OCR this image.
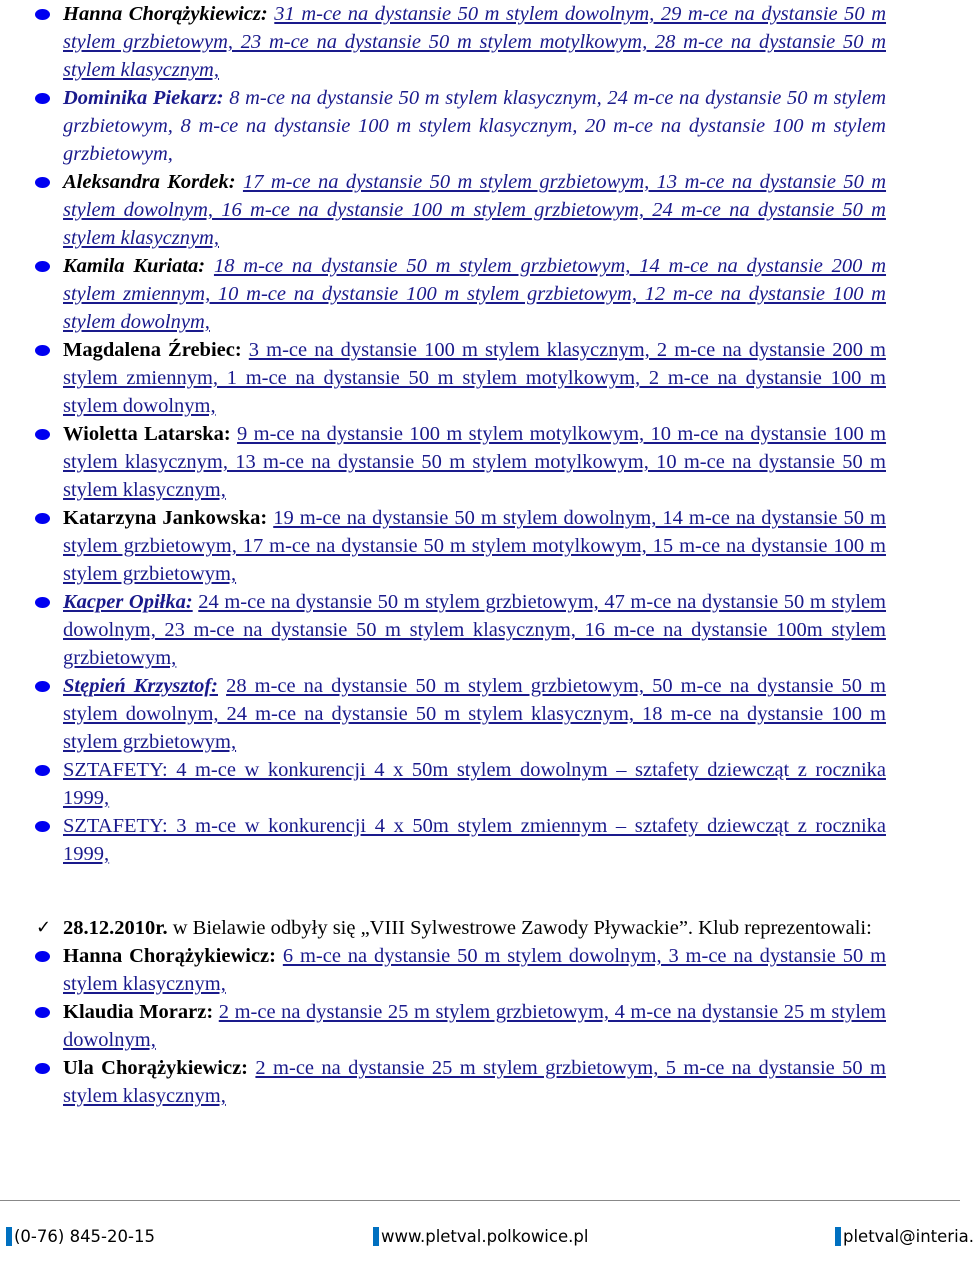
Hanna Chorążykiewicz: 31 m-ce na dystansie 50 m stylem dowolnym, 29 m-ce na dystansie 50 m stylem grzbietowym, 23 m-ce na dystansie 50 m stylem motylkowym, 28 m-ce na dystansie 50 m stylem klasycznym,
Dominika Piekarz: 8 m-ce na dystansie 50 m stylem klasycznym, 24 m-ce na dystansie 50 m stylem grzbietowym, 8 m-ce na dystansie 100 m stylem klasycznym, 20 m-ce na dystansie 100 m stylem grzbietowym,
Aleksandra Kordek: 17 m-ce na dystansie 50 m stylem grzbietowym, 13 m-ce na dystansie 50 m stylem dowolnym, 16 m-ce na dystansie 100 m stylem grzbietowym, 24 m-ce na dystansie 50 m stylem klasycznym,
Kamila Kuriata: 18 m-ce na dystansie 50 m stylem grzbietowym, 14 m-ce na dystansie 200 m stylem zmiennym, 10 m-ce na dystansie 100 m stylem grzbietowym, 12 m-ce na dystansie 100 m stylem dowolnym,
Magdalena Źrebiec: 3 m-ce na dystansie 100 m stylem klasycznym, 2 m-ce na dystansie 200 m stylem zmiennym, 1 m-ce na dystansie 50 m stylem motylkowym, 2 m-ce na dystansie 100 m stylem dowolnym,
Wioletta Latarska: 9 m-ce na dystansie 100 m stylem motylkowym, 10 m-ce na dystansie 100 m stylem klasycznym, 13 m-ce na dystansie 50 m stylem motylkowym, 10 m-ce na dystansie 50 m stylem klasycznym,
Katarzyna Jankowska: 19 m-ce na dystansie 50 m stylem dowolnym, 14 m-ce na dystansie 50 m stylem grzbietowym, 17 m-ce na dystansie 50 m stylem motylkowym, 15 m-ce na dystansie 100 m stylem grzbietowym,
Kacper Opiłka: 24 m-ce na dystansie 50 m stylem grzbietowym, 47 m-ce na dystansie 50 m stylem dowolnym, 23 m-ce na dystansie 50 m stylem klasycznym, 16 m-ce na dystansie 100m stylem grzbietowym,
Stępień Krzysztof: 28 m-ce na dystansie 50 m stylem grzbietowym, 50 m-ce na dystansie 50 m stylem dowolnym, 24 m-ce na dystansie 50 m stylem klasycznym, 18 m-ce na dystansie 100 m stylem grzbietowym,
SZTAFETY: 4 m-ce w konkurencji 4 x 50m stylem dowolnym – sztafety dziewcząt z rocznika 1999,
SZTAFETY: 3 m-ce w konkurencji 4 x 50m stylem zmiennym – sztafety dziewcząt z rocznika 1999,
✓ 28.12.2010r. w Bielawie odbyły się „VIII Sylwestrowe Zawody Pływackie”. Klub reprezentowali:
Hanna Chorążykiewicz: 6 m-ce na dystansie 50 m stylem dowolnym, 3 m-ce na dystansie 50 m stylem klasycznym,
Klaudia Morarz: 2 m-ce na dystansie 25 m stylem grzbietowym, 4 m-ce na dystansie 25 m stylem dowolnym,
Ula Chorążykiewicz: 2 m-ce na dystansie 25 m stylem grzbietowym, 5 m-ce na dystansie 50 m stylem klasycznym,
(0-76) 845-20-15	www.pletval.polkowice.pl	pletval@interia.
